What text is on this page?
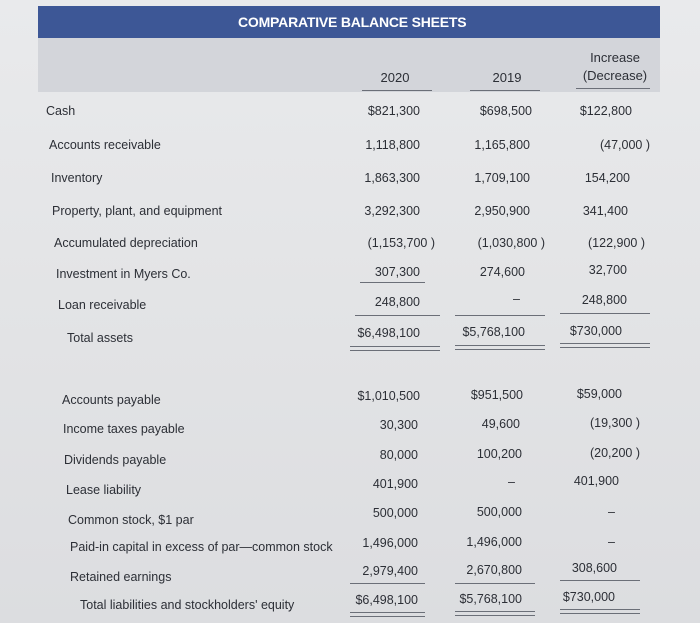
COMPARATIVE BALANCE SHEETS
2020	2019
Increase
(Decrease)
Cash	$821,300	$698,500	$122,800
Accounts receivable	1,118,800	1,165,800	(47,000 )
Inventory	1,863,300	1,709,100	154,200
Property, plant, and equipment	3,292,300	2,950,900	341,400
Accumulated depreciation	(1,153,700 )	(1,030,800 )	(122,900 )
Investment in Myers Co.	307,300	274,600	32,700
Loan receivable	248,800	–	248,800
Total assets	$6,498,100	$5,768,100	$730,000
Accounts payable	$1,010,500	$951,500	$59,000
Income taxes payable	30,300	49,600	(19,300 )
Dividends payable	80,000	100,200	(20,200 )
Lease liability	401,900	–	401,900
Common stock, $1 par	500,000	500,000	–
Paid-in capital in excess of par—common stock	1,496,000	1,496,000	–
Retained earnings	2,979,400	2,670,800	308,600
Total liabilities and stockholders' equity	$6,498,100	$5,768,100	$730,000
